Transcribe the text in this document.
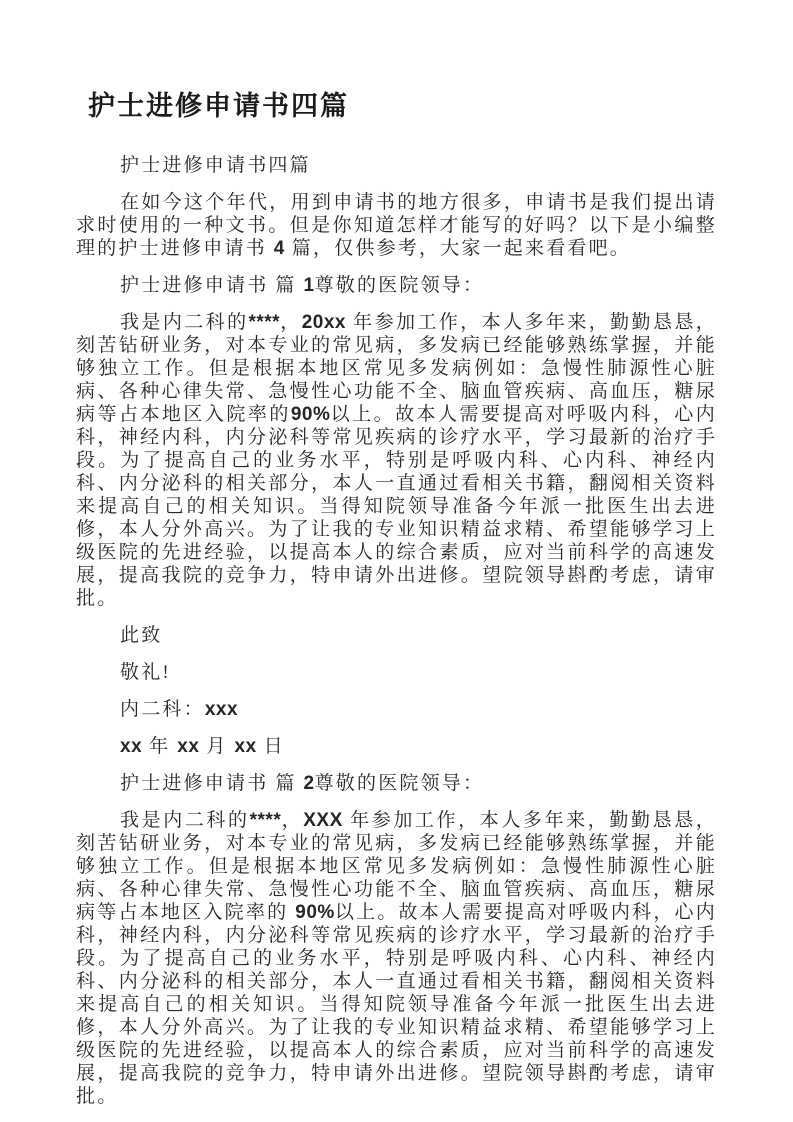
护士进修申请书四篇

护士进修申请书四篇

在如今这个年代，用到申请书的地方很多，申请书是我们提出请求时使用的一种文书。但是你知道怎样才能写的好吗？以下是小编整理的护士进修申请书 4 篇，仅供参考，大家一起来看看吧。

护士进修申请书 篇 1尊敬的医院领导：

我是内二科的****，20xx 年参加工作，本人多年来，勤勤恳恳，刻苦钻研业务，对本专业的常见病，多发病已经能够熟练掌握，并能够独立工作。但是根据本地区常见多发病例如：急慢性肺源性心脏病、各种心律失常、急慢性心功能不全、脑血管疾病、高血压，糖尿病等占本地区入院率的90%以上。故本人需要提高对呼吸内科，心内科，神经内科，内分泌科等常见疾病的诊疗水平，学习最新的治疗手段。为了提高自己的业务水平，特别是呼吸内科、心内科、神经内科、内分泌科的相关部分，本人一直通过看相关书籍，翻阅相关资料来提高自己的相关知识。当得知院领导准备今年派一批医生出去进修，本人分外高兴。为了让我的专业知识精益求精、希望能够学习上级医院的先进经验，以提高本人的综合素质，应对当前科学的高速发展，提高我院的竞争力，特申请外出进修。望院领导斟酌考虑，请审批。

此致

敬礼!

内二科：xxx

xx 年 xx 月 xx 日

护士进修申请书 篇 2尊敬的医院领导：

我是内二科的****，XXX 年参加工作，本人多年来，勤勤恳恳，刻苦钻研业务，对本专业的常见病，多发病已经能够熟练掌握，并能够独立工作。但是根据本地区常见多发病例如：急慢性肺源性心脏病、各种心律失常、急慢性心功能不全、脑血管疾病、高血压，糖尿病等占本地区入院率的 90%以上。故本人需要提高对呼吸内科，心内科，神经内科，内分泌科等常见疾病的诊疗水平，学习最新的治疗手段。为了提高自己的业务水平，特别是呼吸内科、心内科、神经内科、内分泌科的相关部分，本人一直通过看相关书籍，翻阅相关资料来提高自己的相关知识。当得知院领导准备今年派一批医生出去进修，本人分外高兴。为了让我的专业知识精益求精、希望能够学习上级医院的先进经验，以提高本人的综合素质，应对当前科学的高速发展，提高我院的竞争力，特申请外出进修。望院领导斟酌考虑，请审批。
